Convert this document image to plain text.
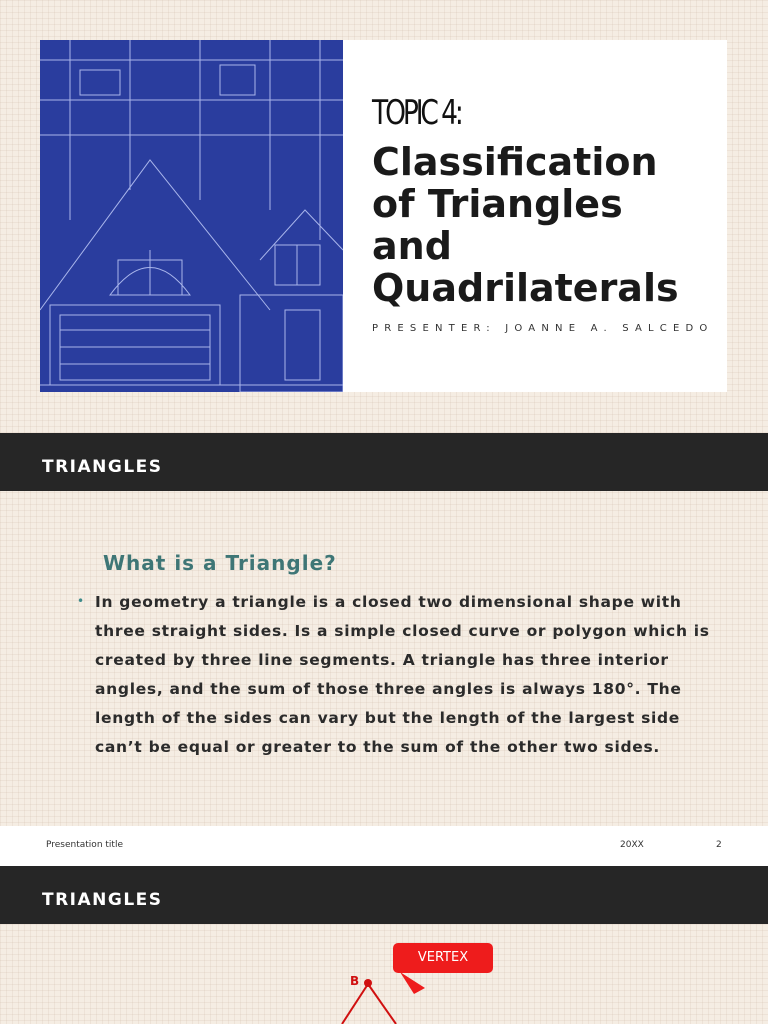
TOPIC 4:
Classification
of Triangles
and
Quadrilaterals
PRESENTER: JOANNE A. SALCEDO
TRIANGLES
What is a Triangle?
• In geometry a triangle is a closed two dimensional shape with three straight sides. Is a simple closed curve or polygon which is created by three line segments. A triangle has three interior angles, and the sum of those three angles is always 180°. The length of the sides can vary but the length of the largest side can’t be equal or greater to the sum of the other two sides.
Presentation title	20XX	2
TRIANGLES
VERTEX
B
